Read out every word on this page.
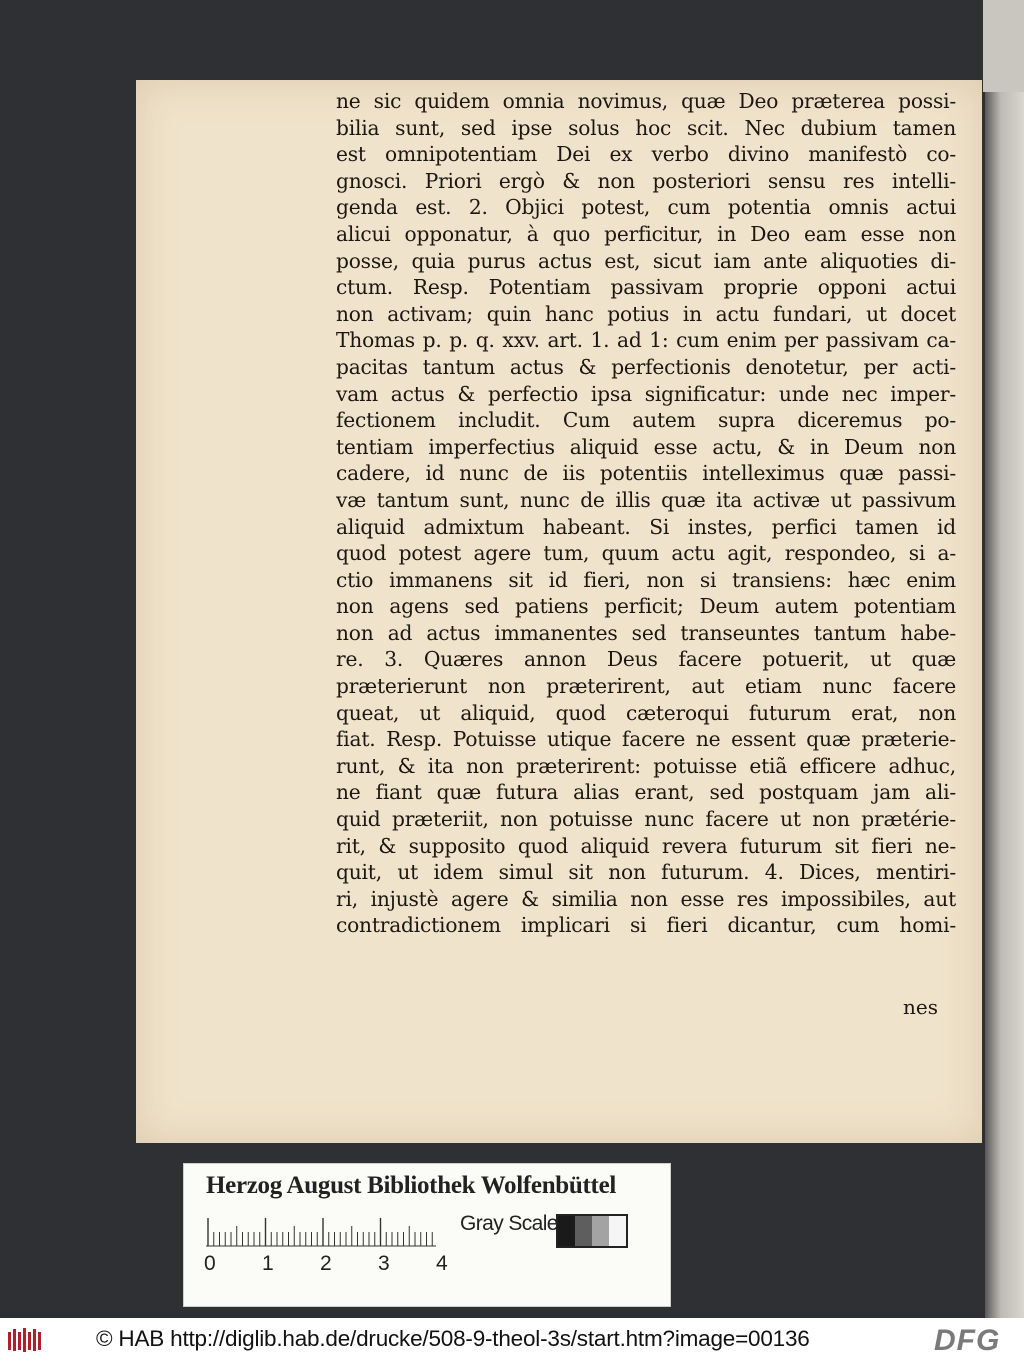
ne sic quidem omnia novimus, quæ Deo præterea possi-
bilia sunt, sed ipse solus hoc scit. Nec dubium tamen
est omnipotentiam Dei ex verbo divino manifestò co-
gnosci. Priori ergò & non posteriori sensu res intelli-
genda est. 2. Objici potest, cum potentia omnis actui
alicui opponatur, à quo perficitur, in Deo eam esse non
posse, quia purus actus est, sicut iam ante aliquoties di-
ctum. Resp. Potentiam passivam proprie opponi actui
non activam; quin hanc potius in actu fundari, ut docet
Thomas p. p. q. xxv. art. 1. ad 1: cum enim per passivam ca-
pacitas tantum actus & perfectionis denotetur, per acti-
vam actus & perfectio ipsa significatur: unde nec imper-
fectionem includit. Cum autem supra diceremus po-
tentiam imperfectius aliquid esse actu, & in Deum non
cadere, id nunc de iis potentiis intelleximus quæ passi-
væ tantum sunt, nunc de illis quæ ita activæ ut passivum
aliquid admixtum habeant. Si instes, perfici tamen id
quod potest agere tum, quum actu agit, respondeo, si a-
ctio immanens sit id fieri, non si transiens: hæc enim
non agens sed patiens perficit; Deum autem potentiam
non ad actus immanentes sed transeuntes tantum habe-
re. 3. Quæres annon Deus facere potuerit, ut quæ
præterierunt non præterirent, aut etiam nunc facere
queat, ut aliquid, quod cæteroqui futurum erat, non
fiat. Resp. Potuisse utique facere ne essent quæ præterie-
runt, & ita non præterirent: potuisse etiã efficere adhuc,
ne fiant quæ futura alias erant, sed postquam jam ali-
quid præteriit, non potuisse nunc facere ut non prætérie-
rit, & supposito quod aliquid revera futurum sit fieri ne-
quit, ut idem simul sit non futurum. 4. Dices, mentiri-
ri, injustè agere & similia non esse res impossibiles, aut
contradictionem implicari si fieri dicantur, cum homi-
nes
Herzog August Bibliothek Wolfenbüttel
0 1 2 3 4
Gray Scale
© HAB http://diglib.hab.de/drucke/508-9-theol-3s/start.htm?image=00136	DFG
